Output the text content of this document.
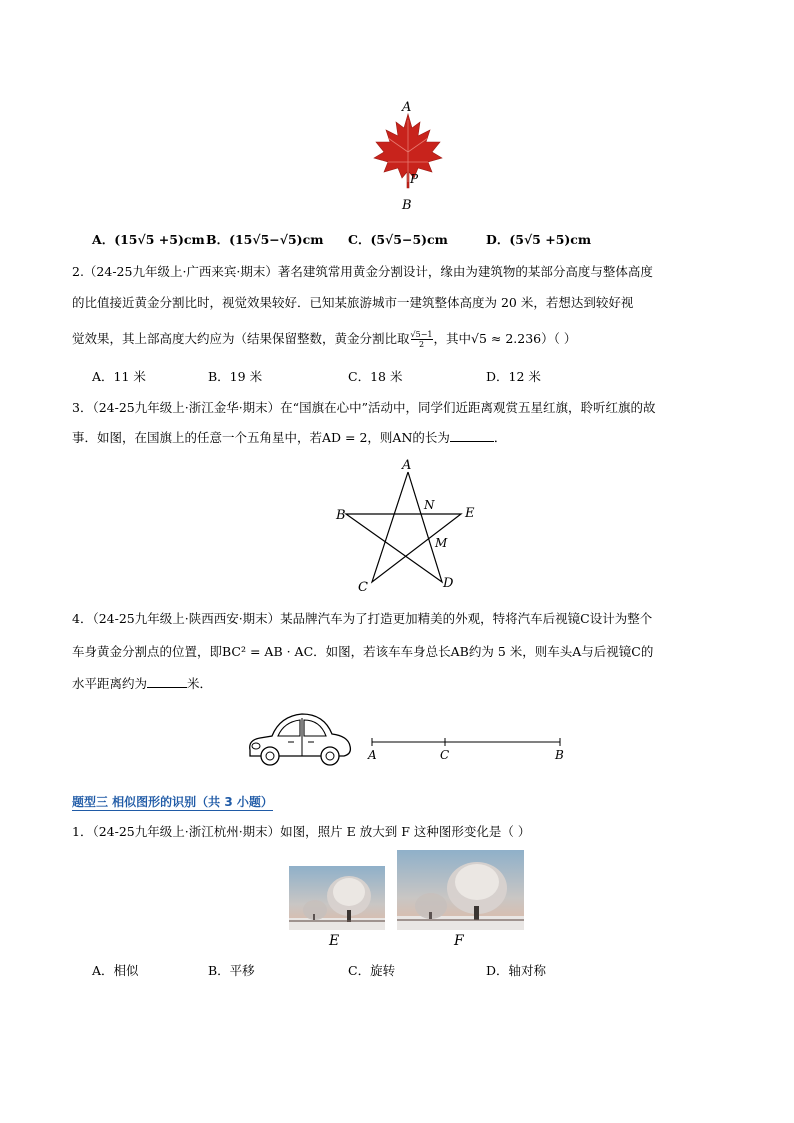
A
P
B
A．(15√5 +5)cm B．(15√5−√5)cm C．(5√5−5)cm	D．(5√5 +5)cm
2.（24-25九年级上·广西来宾·期末）著名建筑常用黄金分割设计，缘由为建筑物的某部分高度与整体高度
的比值接近黄金分割比时，视觉效果较好．已知某旅游城市一建筑整体高度为 20 米，若想达到较好视
觉效果，其上部高度大约应为（结果保留整数，黄金分割比取 $\frac{√5-1}{2}$ ，其中√5 ≈ 2.236）（ ）
A．11 米	B．19 米	C．18 米	D．12 米
3．（24-25九年级上·浙江金华·期末）在“国旗在心中”活动中，同学们近距离观赏五星红旗，聆听红旗的故
事．如图，在国旗上的任意一个五角星中，若AD = 2，则AN的长为	．
A
B
N
E
M
C	D
4．（24-25九年级上·陕西西安·期末）某品牌汽车为了打造更加精美的外观，特将汽车后视镜C设计为整个
车身黄金分割点的位置，即BC² = AB · AC．如图，若该车车身总长AB约为 5 米，则车头A与后视镜C的
水平距离约为	米．
A	C	B
题型三 相似图形的识别（共 3 小题）
1．（24-25九年级上·浙江杭州·期末）如图，照片 E 放大到 F 这种图形变化是（ ）
E	F
A．相似	B．平移	C．旋转	D．轴对称
